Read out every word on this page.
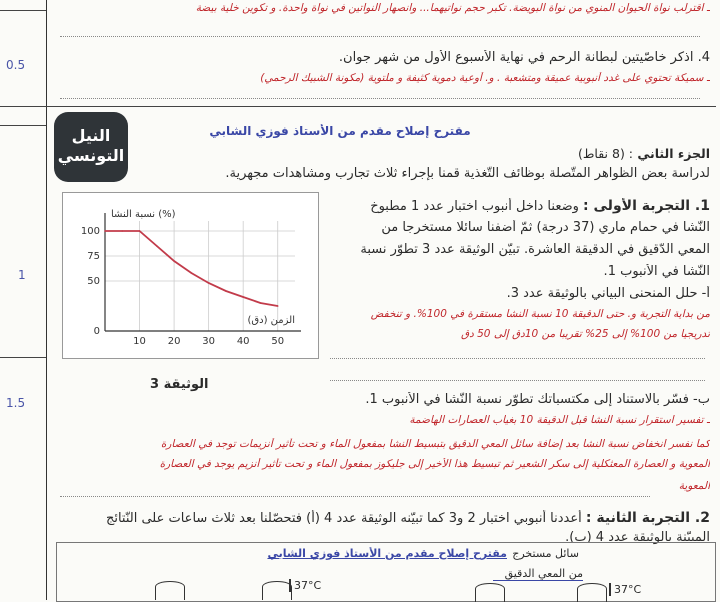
0.5
1
1.5
ـ اقترلب نواة الحيوان المنوي من نواة البويضة. تكبر حجم نواتيهما... وانصهار النواتين في نواة واحدة. و تكوين خلية بيضة
4. اذكر خاصّيتين لبطانة الرحم في نهاية الأسبوع الأول من شهر جوان.
ـ سميكة تحتوي على غدد أنبوبية عميقة ومتشعبة . و. أوعية دموية كثيفة و ملتوية (مكونة الشبيك الرحمي)
النيل
التونسي
مقترح إصلاح مقدم من الأستاذ فوزي الشابي
الجزء الثاني : (8 نقاط)
لدراسة بعض الظواهر المتّصلة بوظائف التّغذية قمنا بإجراء ثلاث تجارب ومشاهدات مجهرية.
1. التجربة الأولى : وضعنا داخل أنبوب اختبار عدد 1 مطبوخ
النّشا في حمام ماري (37 درجة) ثمّ أضفنا سائلا مستخرجا من
المعي الدّقيق في الدقيقة العاشرة. تبيّن الوثيقة عدد 3 تطوّر نسبة
النّشا في الأنبوب 1.
أ- حلّل المنحنى البياني بالوثيقة عدد 3.
من بداية التجربة و. حتى الدقيقة 10 نسبة النشا مستقرة في 100%. و تنخفض
تدريجيا من 100% إلى 25% تقريبا من 10دق إلى 50 دق
10 20 30 40 50
0
50
75
100
نسبة النشا (%)
الزمن (دق)
الوثيقة 3
ب- فسّر بالاستناد إلى مكتسباتك تطوّر نسبة النّشا في الأنبوب 1.
ـ تفسير استقرار نسبة النشا قبل الدقيقة 10 بغياب العصارات الهاضمة
كما نفسر انخفاض نسبة النشا بعد إضافة سائل المعي الدقيق بتبسيط النشا بمفعول الماء و تحت تأثير أنزيمات توجد في العصارة
المعوية و العصارة المعثكلية إلى سكر الشعير ثم تبسيط هذا الأخير إلى جليكوز بمفعول الماء و تحت تأثير أنزيم يوجد في العصارة
المعوية
2. التجربة الثانية : أعددنا أنبوبي اختبار 2 و3 كما تبيّنه الوثيقة عدد 4 (أ) فتحصّلنا بعد ثلاث ساعات على النّتائج
المبيّنة بالوثيقة عدد 4 (ب).
مقترح إصلاح مقدم من الأستاذ فوزي الشابي
37°C
سائل مستخرج
من المعي الدقيق
37°C
